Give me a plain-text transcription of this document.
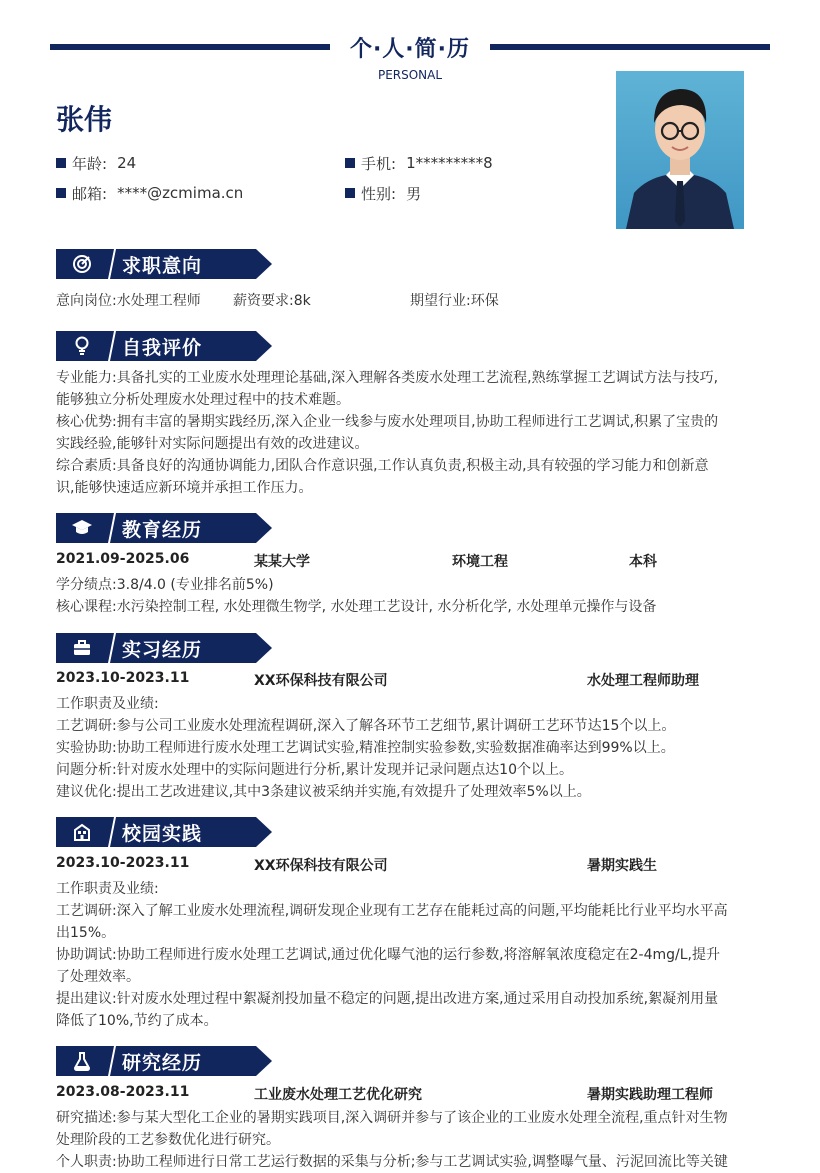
个·人·简·历
PERSONAL
张伟
年龄: 24	手机: 1*********8
邮箱: ****@zcmima.cn	性别: 男
求职意向
意向岗位:水处理工程师 薪资要求:8k	期望行业:环保
自我评价
专业能力:具备扎实的工业废水处理理论基础,深入理解各类废水处理工艺流程,熟练掌握工艺调试方法与技巧,
能够独立分析处理废水处理过程中的技术难题。
核心优势:拥有丰富的暑期实践经历,深入企业一线参与废水处理项目,协助工程师进行工艺调试,积累了宝贵的
实践经验,能够针对实际问题提出有效的改进建议。
综合素质:具备良好的沟通协调能力,团队合作意识强,工作认真负责,积极主动,具有较强的学习能力和创新意
识,能够快速适应新环境并承担工作压力。
教育经历
2021.09-2025.06	某某大学	环境工程	本科
学分绩点:3.8/4.0 (专业排名前5%)
核心课程:水污染控制工程, 水处理微生物学, 水处理工艺设计, 水分析化学, 水处理单元操作与设备
实习经历
2023.10-2023.11	XX环保科技有限公司	水处理工程师助理
工作职责及业绩:
工艺调研:参与公司工业废水处理流程调研,深入了解各环节工艺细节,累计调研工艺环节达15个以上。
实验协助:协助工程师进行废水处理工艺调试实验,精准控制实验参数,实验数据准确率达到99%以上。
问题分析:针对废水处理中的实际问题进行分析,累计发现并记录问题点达10个以上。
建议优化:提出工艺改进建议,其中3条建议被采纳并实施,有效提升了处理效率5%以上。
校园实践
2023.10-2023.11	XX环保科技有限公司	暑期实践生
工作职责及业绩:
工艺调研:深入了解工业废水处理流程,调研发现企业现有工艺存在能耗过高的问题,平均能耗比行业平均水平高
出15%。
协助调试:协助工程师进行废水处理工艺调试,通过优化曝气池的运行参数,将溶解氧浓度稳定在2-4mg/L,提升
了处理效率。
提出建议:针对废水处理过程中絮凝剂投加量不稳定的问题,提出改进方案,通过采用自动投加系统,絮凝剂用量
降低了10%,节约了成本。
研究经历
2023.08-2023.11	工业废水处理工艺优化研究	暑期实践助理工程师
研究描述:参与某大型化工企业的暑期实践项目,深入调研并参与了该企业的工业废水处理全流程,重点针对生物
处理阶段的工艺参数优化进行研究。
个人职责:协助工程师进行日常工艺运行数据的采集与分析;参与工艺调试实验,调整曝气量、污泥回流比等关键
